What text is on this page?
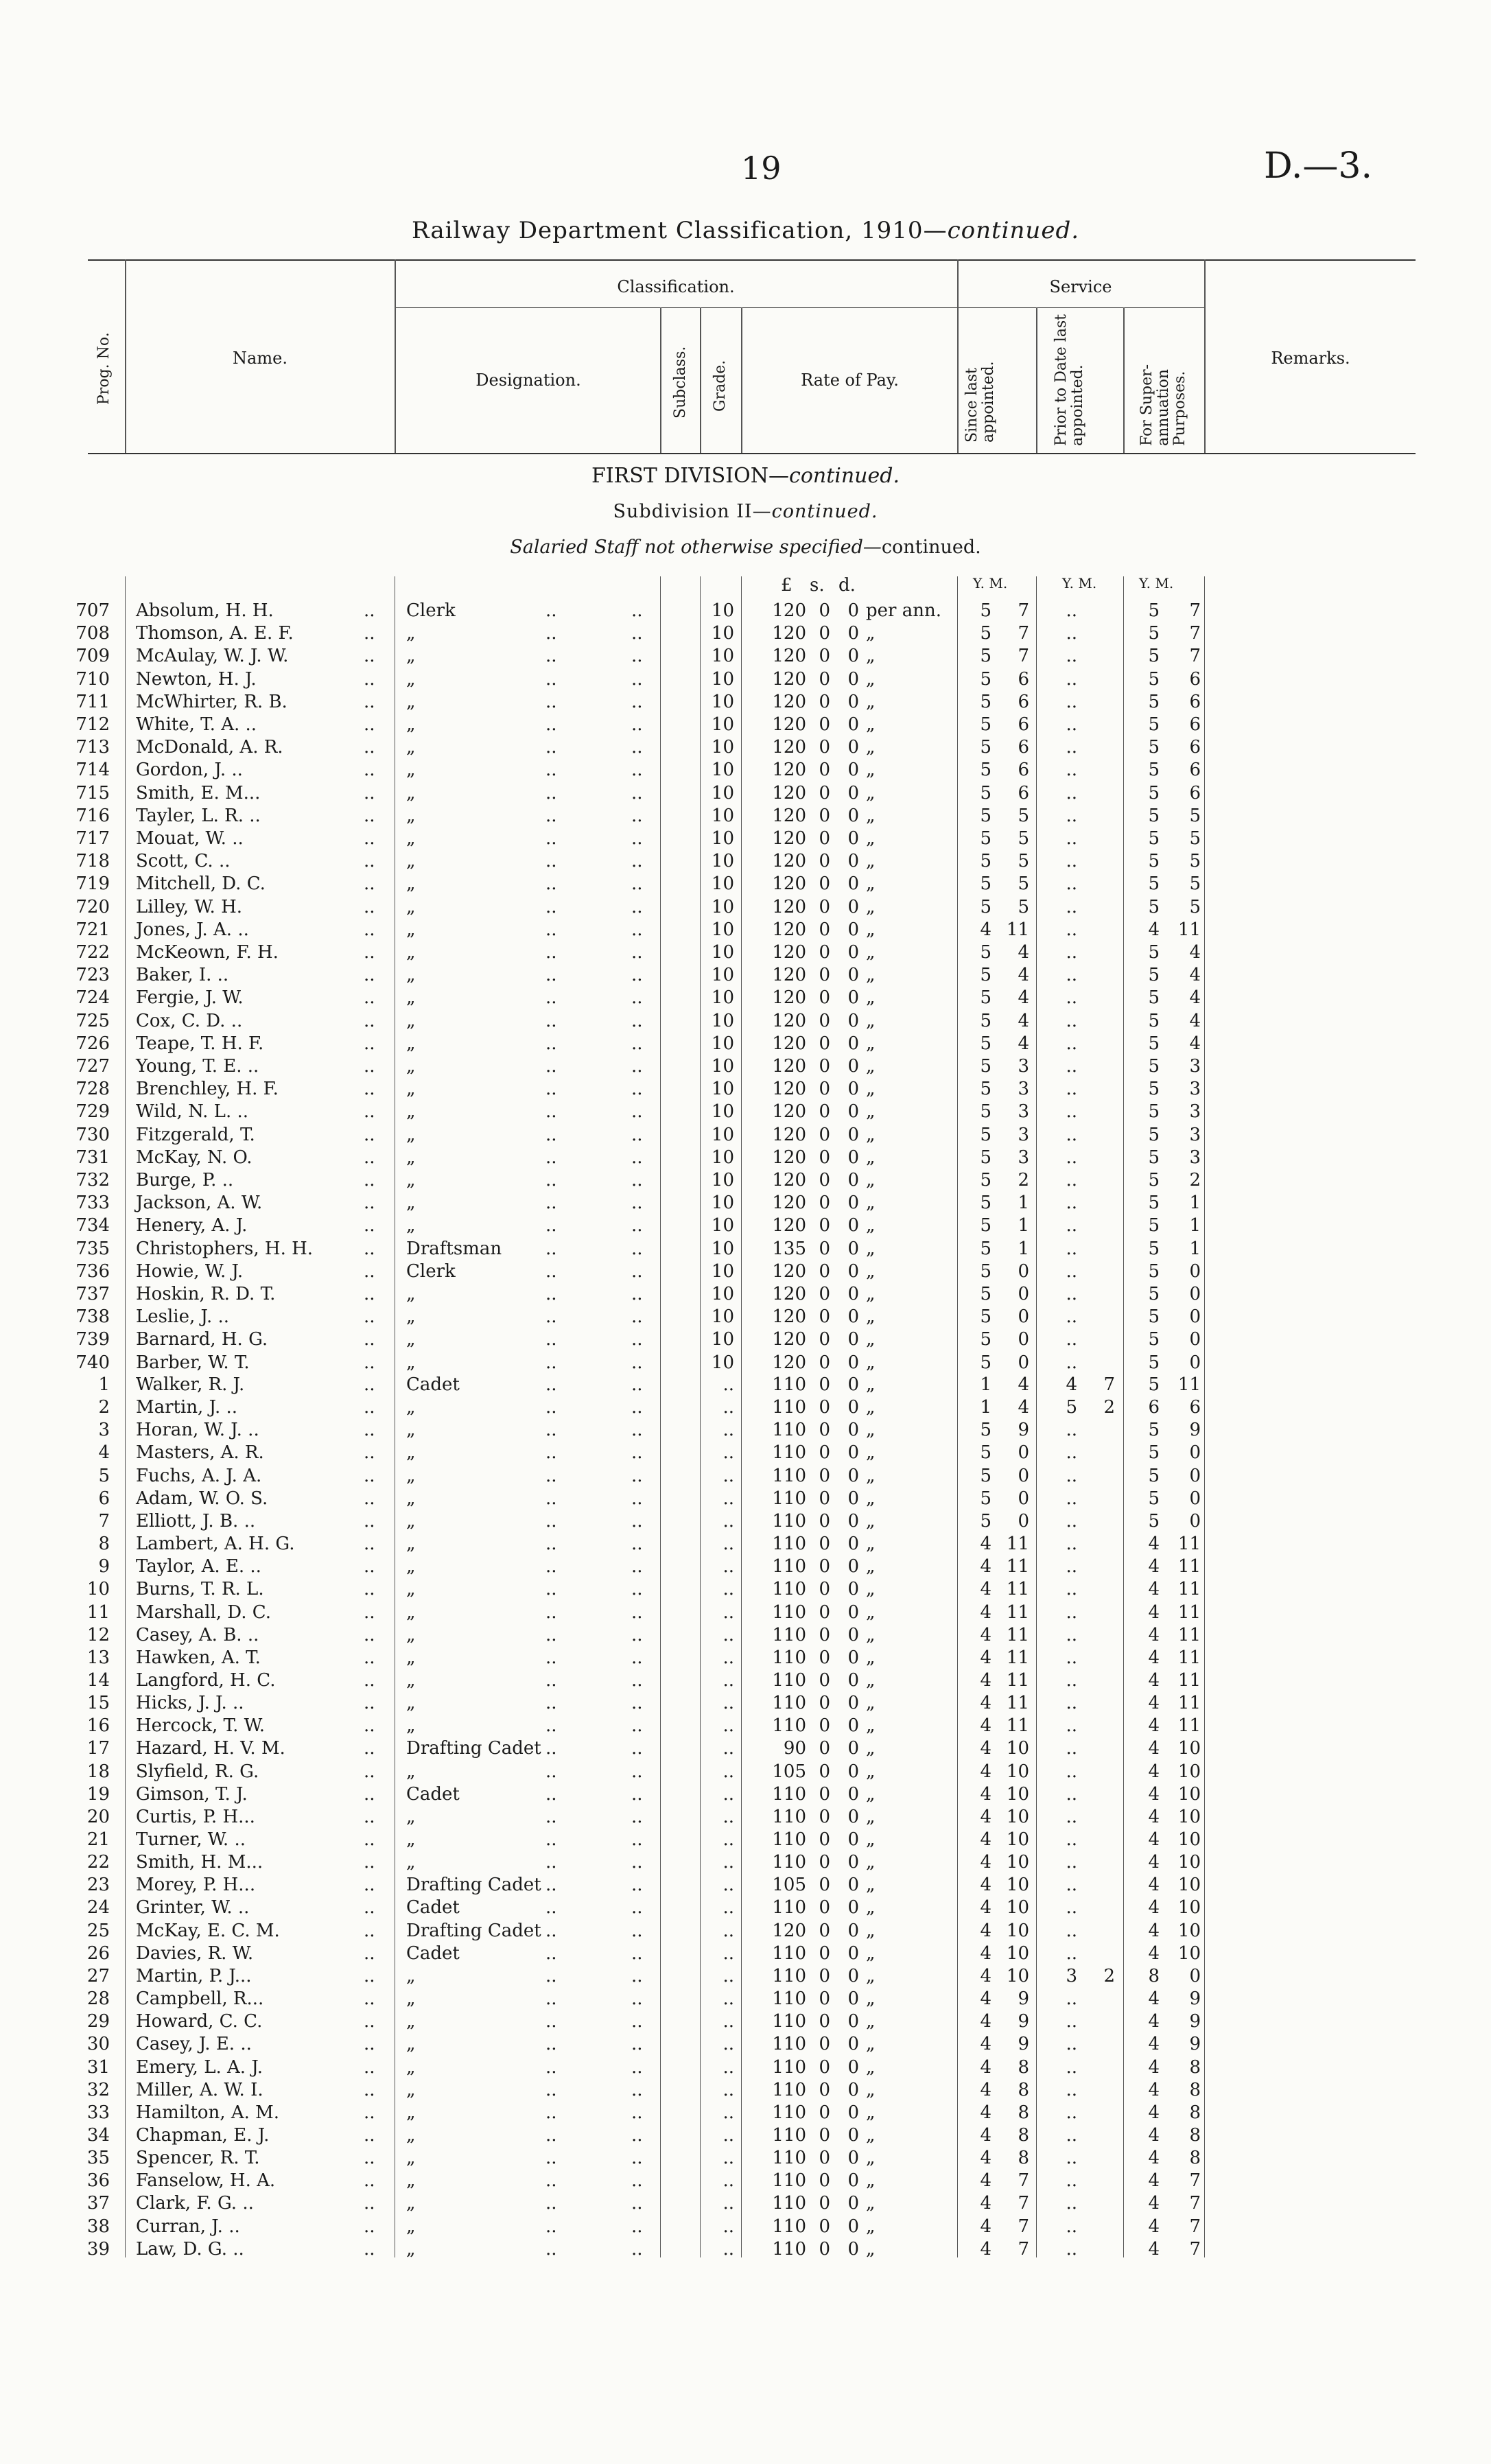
19	D.—3.
Railway Department Classification, 1910—continued.
Prog. No.	Name.
Classification.
Designation.	Subclass. Grade.	Rate of Pay.
Service
Since last appointed.	Prior to Date last appointed.	For Super-annuation Purposes.
Remarks.
FIRST DIVISION—continued.
Subdivision II—continued.
Salaried Staff not otherwise specified—continued.
£ s. d.	Y. M.	Y. M.	Y. M.
707 Absolum, H. H.	.. Clerk	..	..	10	120 0 0 per ann.	5	7	..	5	7
708 Thomson, A. E. F.	.. „	..	..	10	120 0 0 „	5	7	..	5	7
709 McAulay, W. J. W.	.. „	..	..	10	120 0 0 „	5	7	..	5	7
710 Newton, H. J.	.. „	..	..	10	120 0 0 „	5	6	..	5	6
711 McWhirter, R. B.	.. „	..	..	10	120 0 0 „	5	6	..	5	6
712 White, T. A. ..	.. „	..	..	10	120 0 0 „	5	6	..	5	6
713 McDonald, A. R.	.. „	..	..	10	120 0 0 „	5	6	..	5	6
714 Gordon, J. ..	.. „	..	..	10	120 0 0 „	5	6	..	5	6
715 Smith, E. M...	.. „	..	..	10	120 0 0 „	5	6	..	5	6
716 Tayler, L. R. ..	.. „	..	..	10	120 0 0 „	5	5	..	5	5
717 Mouat, W. ..	.. „	..	..	10	120 0 0 „	5	5	..	5	5
718 Scott, C. ..	.. „	..	..	10	120 0 0 „	5	5	..	5	5
719 Mitchell, D. C.	.. „	..	..	10	120 0 0 „	5	5	..	5	5
720 Lilley, W. H.	.. „	..	..	10	120 0 0 „	5	5	..	5	5
721 Jones, J. A. ..	.. „	..	..	10	120 0 0 „	4 11	..	4	11
722 McKeown, F. H.	.. „	..	..	10	120 0 0 „	5	4	..	5	4
723 Baker, I. ..	.. „	..	..	10	120 0 0 „	5	4	..	5	4
724 Fergie, J. W.	.. „	..	..	10	120 0 0 „	5	4	..	5	4
725 Cox, C. D. ..	.. „	..	..	10	120 0 0 „	5	4	..	5	4
726 Teape, T. H. F.	.. „	..	..	10	120 0 0 „	5	4	..	5	4
727 Young, T. E. ..	.. „	..	..	10	120 0 0 „	5	3	..	5	3
728 Brenchley, H. F.	.. „	..	..	10	120 0 0 „	5	3	..	5	3
729 Wild, N. L. ..	.. „	..	..	10	120 0 0 „	5	3	..	5	3
730 Fitzgerald, T.	.. „	..	..	10	120 0 0 „	5	3	..	5	3
731 McKay, N. O.	.. „	..	..	10	120 0 0 „	5	3	..	5	3
732 Burge, P. ..	.. „	..	..	10	120 0 0 „	5	2	..	5	2
733 Jackson, A. W.	.. „	..	..	10	120 0 0 „	5	1	..	5	1
734 Henery, A. J.	.. „	..	..	10	120 0 0 „	5	1	..	5	1
735 Christophers, H. H.	.. Draftsman ..	..	10	135 0 0 „	5	1	..	5	1
736 Howie, W. J.	.. Clerk	..	..	10	120 0 0 „	5	0	..	5	0
737 Hoskin, R. D. T.	.. „	..	..	10	120 0 0 „	5	0	..	5	0
738 Leslie, J. ..	.. „	..	..	10	120 0 0 „	5	0	..	5	0
739 Barnard, H. G.	.. „	..	..	10	120 0 0 „	5	0	..	5	0
740 Barber, W. T.	.. „	..	..	10	120 0 0 „	5	0	..	5	0
1 Walker, R. J.	.. Cadet	..	..	..	110 0 0 „	1	4	4	7	5	11
2 Martin, J. ..	.. „	..	..	..	110 0 0 „	1	4	5	2	6	6
3 Horan, W. J. ..	.. „	..	..	..	110 0 0 „	5	9	..	5	9
4 Masters, A. R.	.. „	..	..	..	110 0 0 „	5	0	..	5	0
5 Fuchs, A. J. A.	.. „	..	..	..	110 0 0 „	5	0	..	5	0
6 Adam, W. O. S.	.. „	..	..	..	110 0 0 „	5	0	..	5	0
7 Elliott, J. B. ..	.. „	..	..	..	110 0 0 „	5	0	..	5	0
8 Lambert, A. H. G.	.. „	..	..	..	110 0 0 „	4 11	..	4	11
9 Taylor, A. E. ..	.. „	..	..	..	110 0 0 „	4 11	..	4	11
10 Burns, T. R. L.	.. „	..	..	..	110 0 0 „	4 11	..	4	11
11 Marshall, D. C.	.. „	..	..	..	110 0 0 „	4 11	..	4	11
12 Casey, A. B. ..	.. „	..	..	..	110 0 0 „	4 11	..	4	11
13 Hawken, A. T.	.. „	..	..	..	110 0 0 „	4 11	..	4	11
14 Langford, H. C.	.. „	..	..	..	110 0 0 „	4 11	..	4	11
15 Hicks, J. J. ..	.. „	..	..	..	110 0 0 „	4 11	..	4	11
16 Hercock, T. W.	.. „	..	..	..	110 0 0 „	4 11	..	4	11
17 Hazard, H. V. M.	.. Drafting Cadet ..	..	..	90 0 0 „	4 10	..	4	10
18 Slyfield, R. G.	.. „	..	..	..	105 0 0 „	4 10	..	4	10
19 Gimson, T. J.	.. Cadet	..	..	..	110 0 0 „	4 10	..	4	10
20 Curtis, P. H...	.. „	..	..	..	110 0 0 „	4 10	..	4	10
21 Turner, W. ..	.. „	..	..	..	110 0 0 „	4 10	..	4	10
22 Smith, H. M...	.. „	..	..	..	110 0 0 „	4 10	..	4	10
23 Morey, P. H...	.. Drafting Cadet ..	..	..	105 0 0 „	4 10	..	4	10
24 Grinter, W. ..	.. Cadet	..	..	..	110 0 0 „	4 10	..	4	10
25 McKay, E. C. M.	.. Drafting Cadet ..	..	..	120 0 0 „	4 10	..	4	10
26 Davies, R. W.	.. Cadet	..	..	..	110 0 0 „	4 10	..	4	10
27 Martin, P. J...	.. „	..	..	..	110 0 0 „	4 10	3	2	8	0
28 Campbell, R...	.. „	..	..	..	110 0 0 „	4	9	..	4	9
29 Howard, C. C.	.. „	..	..	..	110 0 0 „	4	9	..	4	9
30 Casey, J. E. ..	.. „	..	..	..	110 0 0 „	4	9	..	4	9
31 Emery, L. A. J.	.. „	..	..	..	110 0 0 „	4	8	..	4	8
32 Miller, A. W. I.	.. „	..	..	..	110 0 0 „	4	8	..	4	8
33 Hamilton, A. M.	.. „	..	..	..	110 0 0 „	4	8	..	4	8
34 Chapman, E. J.	.. „	..	..	..	110 0 0 „	4	8	..	4	8
35 Spencer, R. T.	.. „	..	..	..	110 0 0 „	4	8	..	4	8
36 Fanselow, H. A.	.. „	..	..	..	110 0 0 „	4	7	..	4	7
37 Clark, F. G. ..	.. „	..	..	..	110 0 0 „	4	7	..	4	7
38 Curran, J. ..	.. „	..	..	..	110 0 0 „	4	7	..	4	7
39 Law, D. G. ..	.. „	..	..	..	110 0 0 „	4	7	..	4	7
